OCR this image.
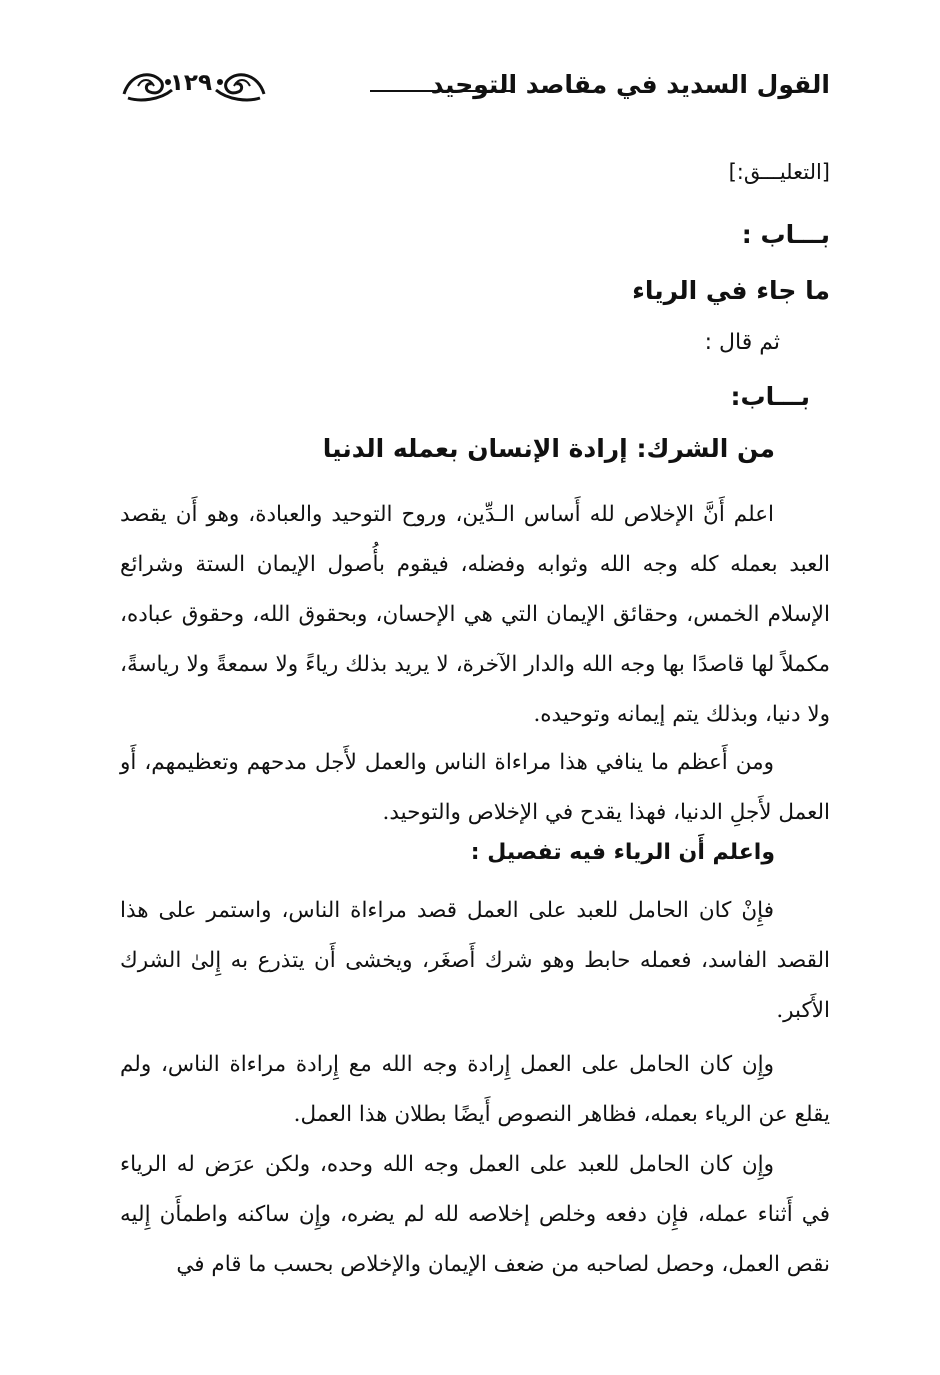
القول السديد في مقاصد التوحيد
١٢٩
[التعليـــق:]
بـــاب :
ما جاء في الرياء
ثم قال :
بـــاب:
من الشرك: إرادة الإنسان بعمله الدنيا
اعلم أَنَّ الإخلاص لله أَساس الـدِّين، وروح التوحيد والعبادة، وهو أَن يقصد العبد بعمله كله وجه الله وثوابه وفضله، فيقوم بأُصول الإيمان الستة وشرائع الإسلام الخمس، وحقائق الإيمان التي هي الإحسان، وبحقوق الله، وحقوق عباده، مكملاً لها قاصدًا بها وجه الله والدار الآخرة، لا يريد بذلك رياءً ولا سمعةً ولا رياسةً، ولا دنيا، وبذلك يتم إيمانه وتوحيده.
ومن أَعظم ما ينافي هذا مراءاة الناس والعمل لأَجل مدحهم وتعظيمهم، أَو العمل لأَجلِ الدنيا، فهذا يقدح في الإخلاص والتوحيد.
واعلم أَن الرياء فيه تفصيل :
فإِنْ كان الحامل للعبد على العمل قصد مراءاة الناس، واستمر على هذا القصد الفاسد، فعمله حابط وهو شرك أَصغَر، ويخشى أَن يتذرع به إِلىٰ الشرك الأَكبر.
وإِن كان الحامل على العمل إِرادة وجه الله مع إِرادة مراءاة الناس، ولم يقلع عن الرياء بعمله، فظاهر النصوص أَيضًا بطلان هذا العمل.
وإِن كان الحامل للعبد على العمل وجه الله وحده، ولكن عرَض له الرياء في أَثناء عمله، فإِن دفعه وخلص إخلاصه لله لم يضره، وإِن ساكنه واطمأَن إِليه نقص العمل، وحصل لصاحبه من ضعف الإيمان والإخلاص بحسب ما قام في
